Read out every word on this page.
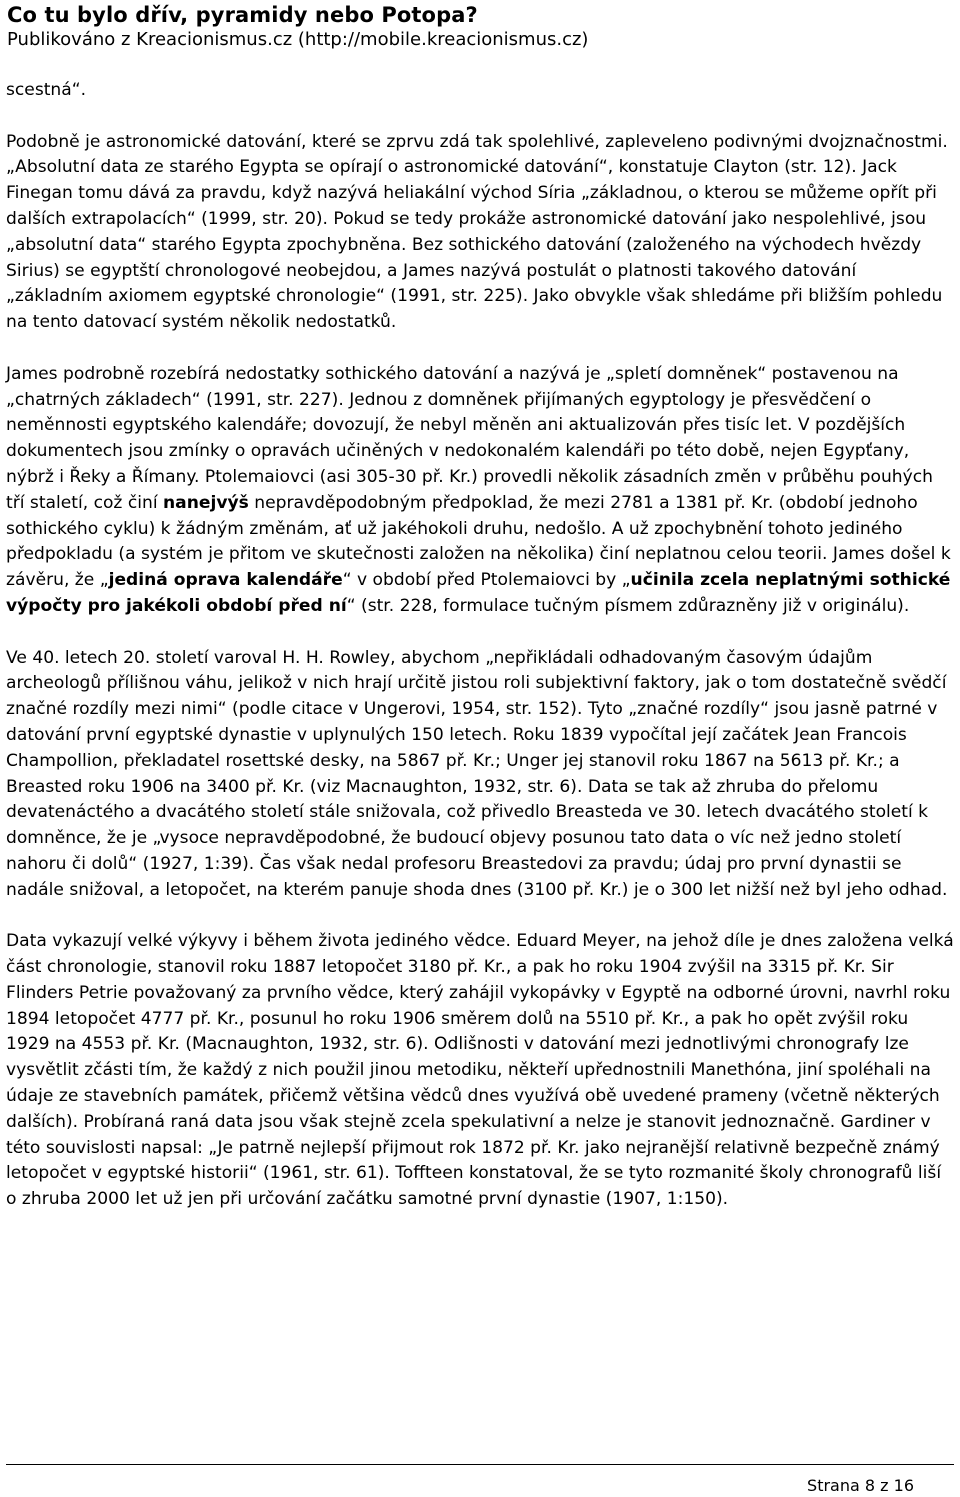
Co tu bylo dřív, pyramidy nebo Potopa?
Publikováno z Kreacionismus.cz (http://mobile.kreacionismus.cz)

scestná“.

Podobně je astronomické datování, které se zprvu zdá tak spolehlivé, zapleveleno podivnými dvojznačnostmi. „Absolutní data ze starého Egypta se opírají o astronomické datování“, konstatuje Clayton (str. 12). Jack Finegan tomu dává za pravdu, když nazývá heliakální východ Síria „základnou, o kterou se můžeme opřít při dalších extrapolacích“ (1999, str. 20). Pokud se tedy prokáže astronomické datování jako nespolehlivé, jsou „absolutní data“ starého Egypta zpochybněna. Bez sothického datování (založeného na východech hvězdy Sirius) se egyptští chronologové neobejdou, a James nazývá postulát o platnosti takového datování „základním axiomem egyptské chronologie“ (1991, str. 225). Jako obvykle však shledáme při bližším pohledu na tento datovací systém několik nedostatků.

James podrobně rozebírá nedostatky sothického datování a nazývá je „spletí domněnek“ postavenou na „chatrných základech“ (1991, str. 227). Jednou z domněnek přijímaných egyptology je přesvědčení o neměnnosti egyptského kalendáře; dovozují, že nebyl měněn ani aktualizován přes tisíc let. V pozdějších dokumentech jsou zmínky o opravách učiněných v nedokonalém kalendáři po této době, nejen Egypťany, nýbrž i Řeky a Římany. Ptolemaiovci (asi 305-30 př. Kr.) provedli několik zásadních změn v průběhu pouhých tří staletí, což činí nanejvýš nepravděpodobným předpoklad, že mezi 2781 a 1381 př. Kr. (období jednoho sothického cyklu) k žádným změnám, ať už jakéhokoli druhu, nedošlo. A už zpochybnění tohoto jediného předpokladu (a systém je přitom ve skutečnosti založen na několika) činí neplatnou celou teorii. James došel k závěru, že „jediná oprava kalendáře“ v období před Ptolemaiovci by „učinila zcela neplatnými sothické výpočty pro jakékoli období před ní“ (str. 228, formulace tučným písmem zdůrazněny již v originálu).

Ve 40. letech 20. století varoval H. H. Rowley, abychom „nepřikládali odhadovaným časovým údajům archeologů přílišnou váhu, jelikož v nich hrají určitě jistou roli subjektivní faktory, jak o tom dostatečně svědčí značné rozdíly mezi nimi“ (podle citace v Ungerovi, 1954, str. 152). Tyto „značné rozdíly“ jsou jasně patrné v datování první egyptské dynastie v uplynulých 150 letech. Roku 1839 vypočítal její začátek Jean Francois Champollion, překladatel rosettské desky, na 5867 př. Kr.; Unger jej stanovil roku 1867 na 5613 př. Kr.; a Breasted roku 1906 na 3400 př. Kr. (viz Macnaughton, 1932, str. 6). Data se tak až zhruba do přelomu devatenáctého a dvacátého století stále snižovala, což přivedlo Breasteda ve 30. letech dvacátého století k domněnce, že je „vysoce nepravděpodobné, že budoucí objevy posunou tato data o víc než jedno století nahoru či dolů“ (1927, 1:39). Čas však nedal profesoru Breastedovi za pravdu; údaj pro první dynastii se nadále snižoval, a letopočet, na kterém panuje shoda dnes (3100 př. Kr.) je o 300 let nižší než byl jeho odhad.

Data vykazují velké výkyvy i během života jediného vědce. Eduard Meyer, na jehož díle je dnes založena velká část chronologie, stanovil roku 1887 letopočet 3180 př. Kr., a pak ho roku 1904 zvýšil na 3315 př. Kr. Sir Flinders Petrie považovaný za prvního vědce, který zahájil vykopávky v Egyptě na odborné úrovni, navrhl roku 1894 letopočet 4777 př. Kr., posunul ho roku 1906 směrem dolů na 5510 př. Kr., a pak ho opět zvýšil roku 1929 na 4553 př. Kr. (Macnaughton, 1932, str. 6). Odlišnosti v datování mezi jednotlivými chronografy lze vysvětlit zčásti tím, že každý z nich použil jinou metodiku, někteří upřednostnili Manethóna, jiní spoléhali na údaje ze stavebních památek, přičemž většina vědců dnes využívá obě uvedené prameny (včetně některých dalších). Probíraná raná data jsou však stejně zcela spekulativní a nelze je stanovit jednoznačně. Gardiner v této souvislosti napsal: „Je patrně nejlepší přijmout rok 1872 př. Kr. jako nejranější relativně bezpečně známý letopočet v egyptské historii“ (1961, str. 61). Toffteen konstatoval, že se tyto rozmanité školy chronografů liší o zhruba 2000 let už jen při určování začátku samotné první dynastie (1907, 1:150).

Strana 8 z 16
